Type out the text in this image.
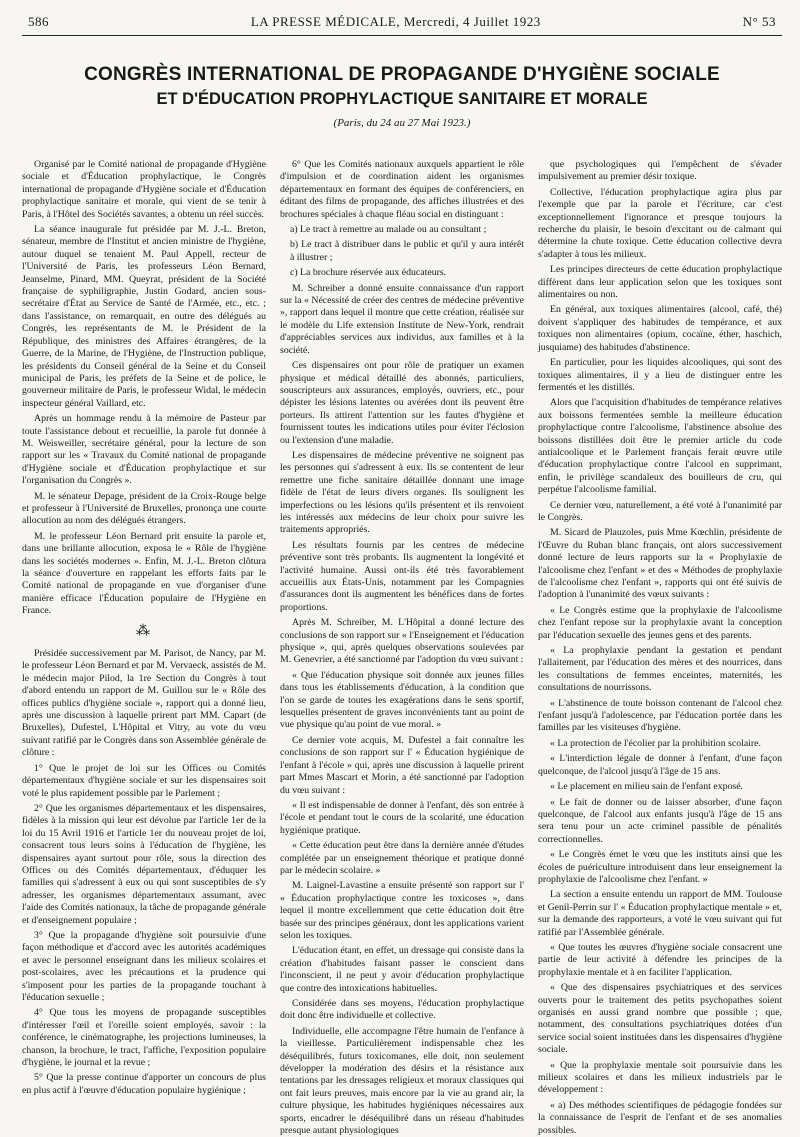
586	LA PRESSE MÉDICALE, Mercredi, 4 Juillet 1923	N° 53
CONGRÈS INTERNATIONAL DE PROPAGANDE D'HYGIÈNE SOCIALE
ET D'ÉDUCATION PROPHYLACTIQUE SANITAIRE ET MORALE
(Paris, du 24 au 27 Mai 1923.)

Organisé par le Comité national de propagande d'Hygiène sociale et d'Éducation prophylactique, le Congrès international de propagande d'Hygiène sociale et d'Éducation prophylactique sanitaire et morale, qui vient de se tenir à Paris, à l'Hôtel des Sociétés savantes, a obtenu un réel succès.

La séance inaugurale fut présidée par M. J.-L. Breton, sénateur, membre de l'Institut et ancien ministre de l'hygiène, autour duquel se tenaient M. Paul Appell, recteur de l'Université de Paris, les professeurs Léon Bernard, Jeanselme, Pinard, MM. Queyrat, président de la Société française de syphiligraphie, Justin Godard, ancien sous-secrétaire d'État au Service de Santé de l'Armée, etc., etc. ; dans l'assistance, on remarquait, en outre des délégués au Congrès, les représentants de M. le Président de la République, des ministres des Affaires étrangères, de la Guerre, de la Marine, de l'Hygiène, de l'Instruction publique, les présidents du Conseil général de la Seine et du Conseil municipal de Paris, les préfets de la Seine et de police, le gouverneur militaire de Paris, le professeur Widal, le médecin inspecteur général Vaillard, etc.

Après un hommage rendu à la mémoire de Pasteur par toute l'assistance debout et recueillie, la parole fut donnée à M. Weisweiller, secrétaire général, pour la lecture de son rapport sur les « Travaux du Comité national de propagande d'Hygiène sociale et d'Éducation prophylactique et sur l'organisation du Congrès ».

M. le sénateur Depage, président de la Croix-Rouge belge et professeur à l'Université de Bruxelles, prononça une courte allocution au nom des délégués étrangers.

M. le professeur Léon Bernard prit ensuite la parole et, dans une brillante allocution, exposa le « Rôle de l'hygiène dans les sociétés modernes ». Enfin, M. J.-L. Breton clôtura la séance d'ouverture en rappelant les efforts faits par le Comité national de propagande en vue d'organiser d'une manière efficace l'Éducation populaire de l'Hygiène en France.

⁂

Présidée successivement par M. Parisot, de Nancy, par M. le professeur Léon Bernard et par M. Vervaeck, assistés de M. le médecin major Pilod, la 1re Section du Congrès à tout d'abord entendu un rapport de M. Guillou sur le « Rôle des offices publics d'hygiène sociale », rapport qui a donné lieu, après une discussion à laquelle prirent part MM. Capart (de Bruxelles), Dufestel, L'Hôpital et Vitry, au vote du vœu suivant ratifié par le Congrès dans son Assemblée générale de clôture :

1° Que le projet de loi sur les Offices ou Comités départementaux d'hygiène sociale et sur les dispensaires soit voté le plus rapidement possible par le Parlement ;

2° Que les organismes départementaux et les dispensaires, fidèles à la mission qui leur est dévolue par l'article 1er de la loi du 15 Avril 1916 et l'article 1er du nouveau projet de loi, consacrent tous leurs soins à l'éducation de l'hygiène, les dispensaires ayant surtout pour rôle, sous la direction des Offices ou des Comités départementaux, d'éduquer les familles qui s'adressent à eux ou qui sont susceptibles de s'y adresser, les organismes départementaux assumant, avec l'aide des Comités nationaux, la tâche de propagande générale et d'enseignement populaire ;

3° Que la propagande d'hygiène soit poursuivie d'une façon méthodique et d'accord avec les autorités académiques et avec le personnel enseignant dans les milieux scolaires et post-scolaires, avec les précautions et la prudence qui s'imposent pour les parties de la propagande touchant à l'éducation sexuelle ;

4° Que tous les moyens de propagande susceptibles d'intéresser l'œil et l'oreille soient employés, savoir : la conférence, le cinématographe, les projections lumineuses, la chanson, la brochure, le tract, l'affiche, l'exposition populaire d'hygiène, le journal et la revue ;

5° Que la presse continue d'apporter un concours de plus en plus actif à l'œuvre d'éducation populaire hygiénique ;

6° Que les Comités nationaux auxquels appartient le rôle d'impulsion et de coordination aident les organismes départementaux en formant des équipes de conférenciers, en éditant des films de propagande, des affiches illustrées et des brochures spéciales à chaque fléau social en distinguant :

a) Le tract à remettre au malade ou au consultant ;

b) Le tract à distribuer dans le public et qu'il y aura intérêt à illustrer ;

c) La brochure réservée aux éducateurs.

M. Schreiber a donné ensuite connaissance d'un rapport sur la « Nécessité de créer des centres de médecine préventive », rapport dans lequel il montre que cette création, réalisée sur le modèle du Life extension Institute de New-York, rendrait d'appréciables services aux individus, aux familles et à la société.

Ces dispensaires ont pour rôle de pratiquer un examen physique et médical détaillé des abonnés, particuliers, souscripteurs aux assurances, employés, ouvriers, etc., pour dépister les lésions latentes ou avérées dont ils peuvent être porteurs. Ils attirent l'attention sur les fautes d'hygiène et fournissent toutes les indications utiles pour éviter l'éclosion ou l'extension d'une maladie.

Les dispensaires de médecine préventive ne soignent pas les personnes qui s'adressent à eux. Ils se contentent de leur remettre une fiche sanitaire détaillée donnant une image fidèle de l'état de leurs divers organes. Ils soulignent les imperfections ou les lésions qu'ils présentent et ils renvoient les intéressés aux médecins de leur choix pour suivre les traitements appropriés.

Les résultats fournis par les centres de médecine préventive sont très probants. Ils augmentent la longévité et l'activité humaine. Aussi ont-ils été très favorablement accueillis aux États-Unis, notamment par les Compagnies d'assurances dont ils augmentent les bénéfices dans de fortes proportions.

Après M. Schreiber, M. L'Hôpital a donné lecture des conclusions de son rapport sur « l'Enseignement et l'éducation physique », qui, après quelques observations soulevées par M. Genevrier, a été sanctionné par l'adoption du vœu suivant :

« Que l'éducation physique soit donnée aux jeunes filles dans tous les établissements d'éducation, à la condition que l'on se garde de toutes les exagérations dans le sens sportif, lesquelles présentent de graves inconvénients tant au point de vue physique qu'au point de vue moral. »

Ce dernier vote acquis, M. Dufestel a fait connaître les conclusions de son rapport sur l' « Éducation hygiénique de l'enfant à l'école » qui, après une discussion à laquelle prirent part Mmes Mascart et Morin, a été sanctionné par l'adoption du vœu suivant :

« Il est indispensable de donner à l'enfant, dès son entrée à l'école et pendant tout le cours de la scolarité, une éducation hygiénique pratique.

« Cette éducation peut être dans la dernière année d'études complétée par un enseignement théorique et pratique donné par le médecin scolaire. »

M. Laignel-Lavastine a ensuite présenté son rapport sur l' « Éducation prophylactique contre les toxicoses », dans lequel il montre excellemment que cette éducation doit être basée sur des principes généraux, dont les applications varient selon les toxiques.

L'éducation étant, en effet, un dressage qui consiste dans la création d'habitudes faisant passer le conscient dans l'inconscient, il ne peut y avoir d'éducation prophylactique que contre des intoxications habituelles.

Considérée dans ses moyens, l'éducation prophylactique doit donc être individuelle et collective.

Individuelle, elle accompagne l'être humain de l'enfance à la vieillesse. Particulièrement indispensable chez les déséquilibrés, futurs toxicomanes, elle doit, non seulement développer la modération des désirs et la résistance aux tentations par les dressages religieux et moraux classiques qui ont fait leurs preuves, mais encore par la vie au grand air, la culture physique, les habitudes hygiéniques nécessaires aux sports, encadrer le déséquilibré dans un réseau d'habitudes presque autant physiologiques

que psychologiques qui l'empêchent de s'évader impulsivement au premier désir toxique.

Collective, l'éducation prophylactique agira plus par l'exemple que par la parole et l'écriture, car c'est exceptionnellement l'ignorance et presque toujours la recherche du plaisir, le besoin d'excitant ou de calmant qui détermine la chute toxique. Cette éducation collective devra s'adapter à tous les milieux.

Les principes directeurs de cette éducation prophylactique diffèrent dans leur application selon que les toxiques sont alimentaires ou non.

En général, aux toxiques alimentaires (alcool, café, thé) doivent s'appliquer des habitudes de tempérance, et aux toxiques non alimentaires (opium, cocaïne, éther, haschich, jusquiame) des habitudes d'abstinence.

En particulier, pour les liquides alcooliques, qui sont des toxiques alimentaires, il y a lieu de distinguer entre les fermentés et les distillés.

Alors que l'acquisition d'habitudes de tempérance relatives aux boissons fermentées semble la meilleure éducation prophylactique contre l'alcoolisme, l'abstinence absolue des boissons distillées doit être le premier article du code antialcoolique et le Parlement français ferait œuvre utile d'éducation prophylactique contre l'alcool en supprimant, enfin, le privilège scandaleux des bouilleurs de cru, qui perpétue l'alcoolisme familial.

Ce dernier vœu, naturellement, a été voté à l'unanimité par le Congrès.

M. Sicard de Plauzoles, puis Mme Kœchlin, présidente de l'Œuvre du Ruban blanc français, ont alors successivement donné lecture de leurs rapports sur la « Prophylaxie de l'alcoolisme chez l'enfant » et des « Méthodes de prophylaxie de l'alcoolisme chez l'enfant », rapports qui ont été suivis de l'adoption à l'unanimité des vœux suivants :

« Le Congrès estime que la prophylaxie de l'alcoolisme chez l'enfant repose sur la prophylaxie avant la conception par l'éducation sexuelle des jeunes gens et des parents.

« La prophylaxie pendant la gestation et pendant l'allaitement, par l'éducation des mères et des nourrices, dans les consultations de femmes enceintes, maternités, les consultations de nourrissons.

« L'abstinence de toute boisson contenant de l'alcool chez l'enfant jusqu'à l'adolescence, par l'éducation portée dans les familles par les visiteuses d'hygiène.

« La protection de l'écolier par la prohibition scolaire.

« L'interdiction légale de donner à l'enfant, d'une façon quelconque, de l'alcool jusqu'à l'âge de 15 ans.

« Le placement en milieu sain de l'enfant exposé.

« Le fait de donner ou de laisser absorber, d'une façon quelconque, de l'alcool aux enfants jusqu'à l'âge de 15 ans sera tenu pour un acte criminel passible de pénalités correctionnelles.

« Le Congrès émet le vœu que les instituts ainsi que les écoles de puériculture introduisent dans leur enseignement la prophylaxie de l'alcoolisme chez l'enfant. »

La section a ensuite entendu un rapport de MM. Toulouse et Genil-Perrin sur l' « Éducation prophylactique mentale » et, sur la demande des rapporteurs, a voté le vœu suivant qui fut ratifié par l'Assemblée générale.

« Que toutes les œuvres d'hygiène sociale consacrent une partie de leur activité à défendre les principes de la prophylaxie mentale et à en faciliter l'application.

« Que des dispensaires psychiatriques et des services ouverts pour le traitement des petits psychopathes soient organisés en aussi grand nombre que possible ; que, notamment, des consultations psychiatriques dotées d'un service social soient instituées dans les dispensaires d'hygiène sociale.

« Que la prophylaxie mentale soit poursuivie dans les milieux scolaires et dans les milieux industriels par le développement :

« a) Des méthodes scientifiques de pédagogie fondées sur la connaissance de l'esprit de l'enfant et de ses anomalies possibles.
